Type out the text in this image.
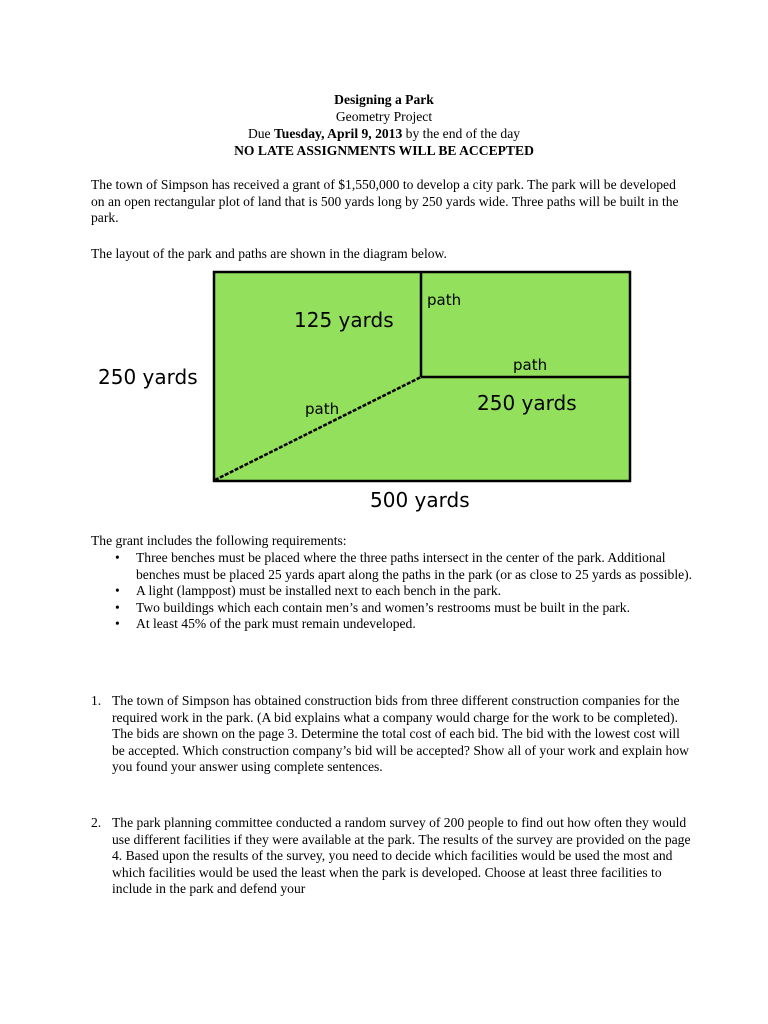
Designing a Park
Geometry Project
Due Tuesday, April 9, 2013 by the end of the day
NO LATE ASSIGNMENTS WILL BE ACCEPTED
The town of Simpson has received a grant of $1,550,000 to develop a city park. The park will be developed on an open rectangular plot of land that is 500 yards long by 250 yards wide. Three paths will be built in the park.
The layout of the park and paths are shown in the diagram below.
125 yards
path
path
path	250 yards
250 yards
500 yards
The grant includes the following requirements:
• Three benches must be placed where the three paths intersect in the center of the park. Additional benches must be placed 25 yards apart along the paths in the park (or as close to 25 yards as possible).
• A light (lamppost) must be installed next to each bench in the park.
• Two buildings which each contain men’s and women’s restrooms must be built in the park.
• At least 45% of the park must remain undeveloped.
1. The town of Simpson has obtained construction bids from three different construction companies for the required work in the park. (A bid explains what a company would charge for the work to be completed). The bids are shown on the page 3. Determine the total cost of each bid. The bid with the lowest cost will be accepted. Which construction company’s bid will be accepted? Show all of your work and explain how you found your answer using complete sentences.
2. The park planning committee conducted a random survey of 200 people to find out how often they would use different facilities if they were available at the park. The results of the survey are provided on the page 4. Based upon the results of the survey, you need to decide which facilities would be used the most and which facilities would be used the least when the park is developed. Choose at least three facilities to include in the park and defend your
